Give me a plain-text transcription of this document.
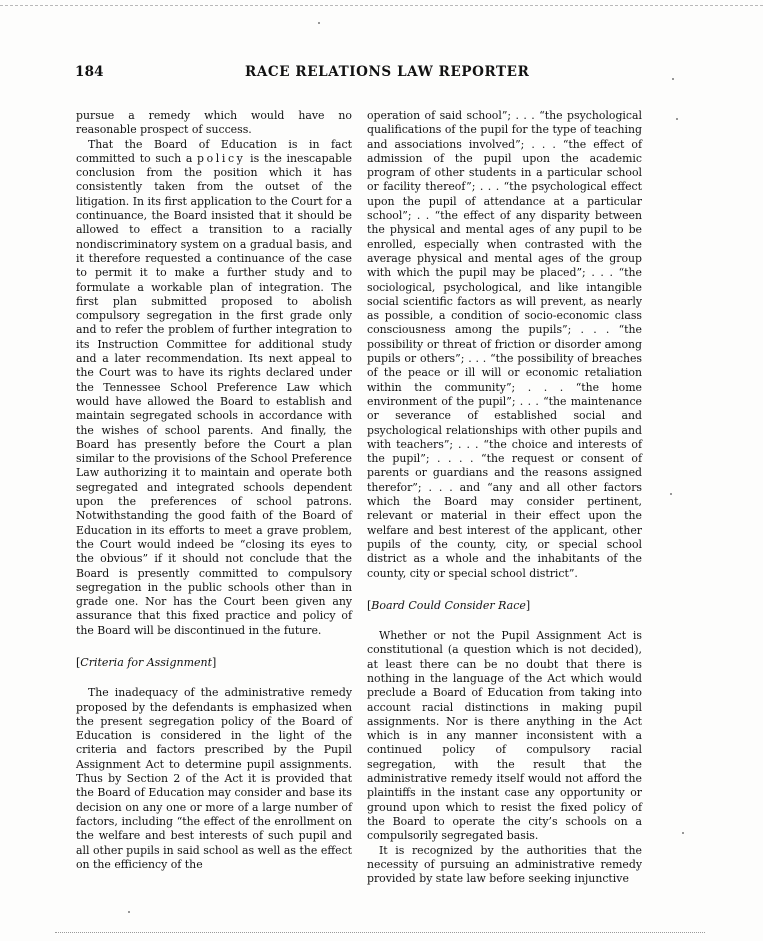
184	RACE RELATIONS LAW REPORTER

pursue a remedy which would have no reasonable prospect of success.

That the Board of Education is in fact committed to such a policy is the inescapable conclusion from the position which it has consistently taken from the outset of the litigation. In its first application to the Court for a continuance, the Board insisted that it should be allowed to effect a transition to a racially nondiscriminatory system on a gradual basis, and it therefore requested a continuance of the case to permit it to make a further study and to formulate a workable plan of integration. The first plan submitted proposed to abolish compulsory segregation in the first grade only and to refer the problem of further integration to its Instruction Committee for additional study and a later recommendation. Its next appeal to the Court was to have its rights declared under the Tennessee School Preference Law which would have allowed the Board to establish and maintain segregated schools in accordance with the wishes of school parents. And finally, the Board has presently before the Court a plan similar to the provisions of the School Preference Law authorizing it to maintain and operate both segregated and integrated schools dependent upon the preferences of school patrons. Notwithstanding the good faith of the Board of Education in its efforts to meet a grave problem, the Court would indeed be “closing its eyes to the obvious” if it should not conclude that the Board is presently committed to compulsory segregation in the public schools other than in grade one. Nor has the Court been given any assurance that this fixed practice and policy of the Board will be discontinued in the future.

[Criteria for Assignment]

The inadequacy of the administrative remedy proposed by the defendants is emphasized when the present segregation policy of the Board of Education is considered in the light of the criteria and factors prescribed by the Pupil Assignment Act to determine pupil assignments. Thus by Section 2 of the Act it is provided that the Board of Education may consider and base its decision on any one or more of a large number of factors, including “the effect of the enrollment on the welfare and best interests of such pupil and all other pupils in said school as well as the effect on the efficiency of the

operation of said school”; . . . “the psychological qualifications of the pupil for the type of teaching and associations involved”; . . . “the effect of admission of the pupil upon the academic program of other students in a particular school or facility thereof”; . . . “the psychological effect upon the pupil of attendance at a particular school”; . . “the effect of any disparity between the physical and mental ages of any pupil to be enrolled, especially when contrasted with the average physical and mental ages of the group with which the pupil may be placed”; . . . “the sociological, psychological, and like intangible social scientific factors as will prevent, as nearly as possible, a condition of socio-economic class consciousness among the pupils”; . . . “the possibility or threat of friction or disorder among pupils or others”; . . . “the possibility of breaches of the peace or ill will or economic retaliation within the community”; . . . “the home environment of the pupil”; . . . “the maintenance or severance of established social and psychological relationships with other pupils and with teachers”; . . . “the choice and interests of the pupil”; . . . . “the request or consent of parents or guardians and the reasons assigned therefor”; . . . and “any and all other factors which the Board may consider pertinent, relevant or material in their effect upon the welfare and best interest of the applicant, other pupils of the county, city, or special school district as a whole and the inhabitants of the county, city or special school district”.

[Board Could Consider Race]

Whether or not the Pupil Assignment Act is constitutional (a question which is not decided), at least there can be no doubt that there is nothing in the language of the Act which would preclude a Board of Education from taking into account racial distinctions in making pupil assignments. Nor is there anything in the Act which is in any manner inconsistent with a continued policy of compulsory racial segregation, with the result that the administrative remedy itself would not afford the plaintiffs in the instant case any opportunity or ground upon which to resist the fixed policy of the Board to operate the city’s schools on a compulsorily segregated basis.

It is recognized by the authorities that the necessity of pursuing an administrative remedy provided by state law before seeking injunctive
